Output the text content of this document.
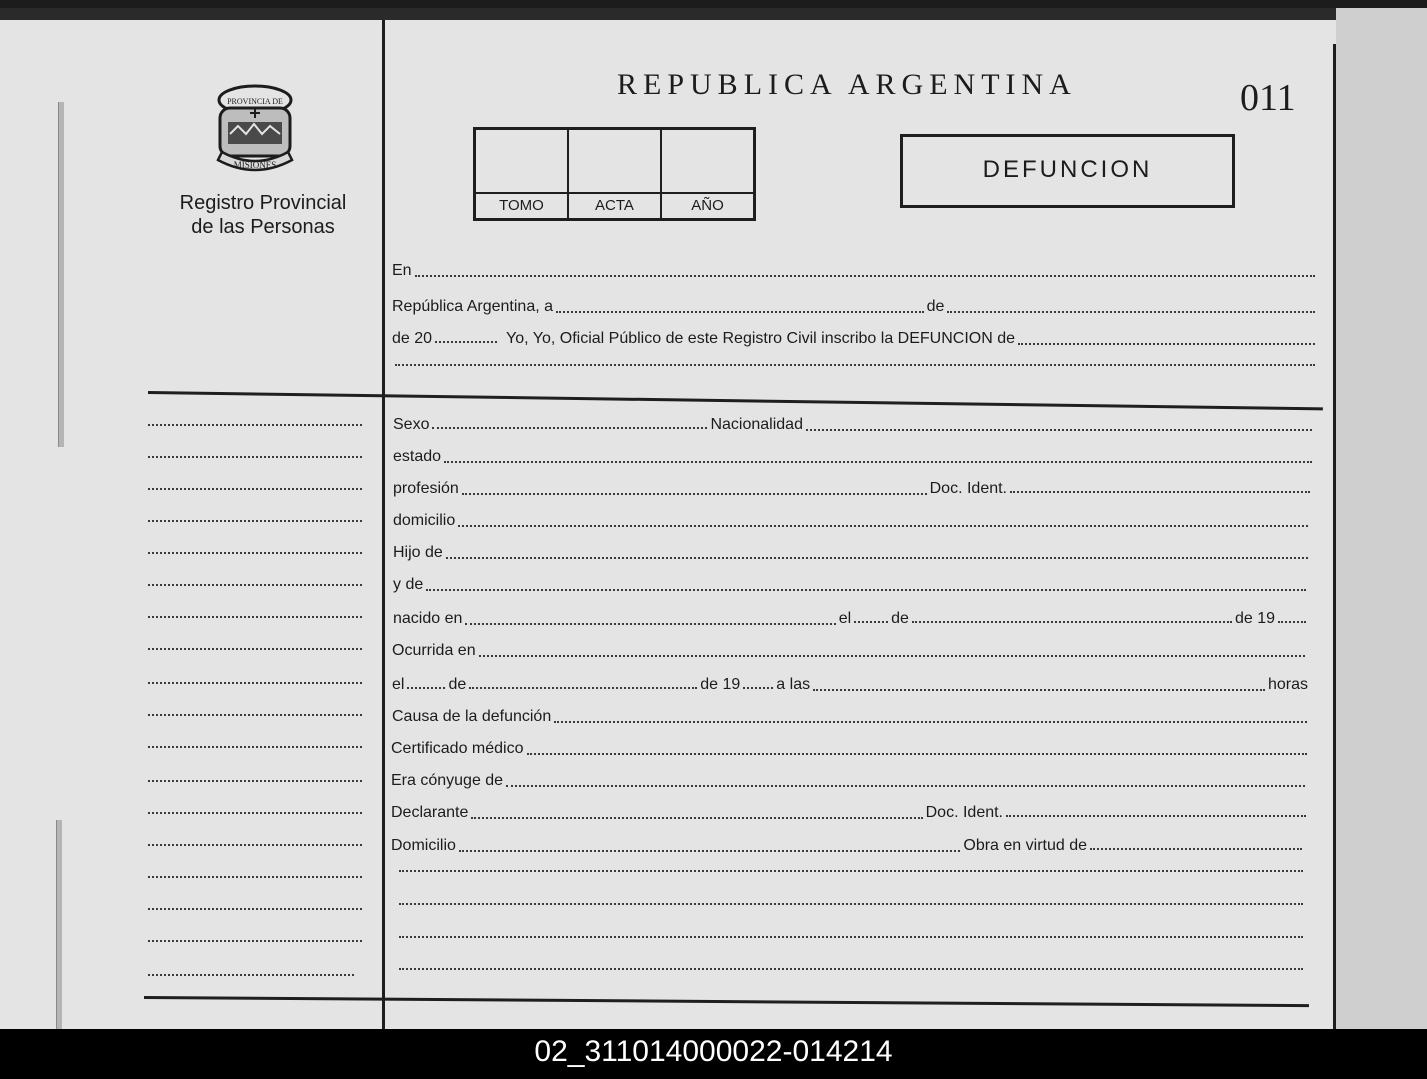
PROVINCIA DE
MISIONES
Registro Provincial
de las Personas
REPUBLICA ARGENTINA	011
TOMO	ACTA	AÑO
DEFUNCION
En
República Argentina, a	de
de 20	Yo, Yo, Oficial Público de este Registro Civil inscribo la DEFUNCION de
Sexo	Nacionalidad
estado
profesión	Doc. Ident.
domicilio
Hijo de
y de
nacido en	el	de	de 19
Ocurrida en
el	de	de 19 a las	horas
Causa de la defunción
Certificado médico
Era cónyuge de
Declarante	Doc. Ident.
Domicilio	Obra en virtud de
02_311014000022-014214
